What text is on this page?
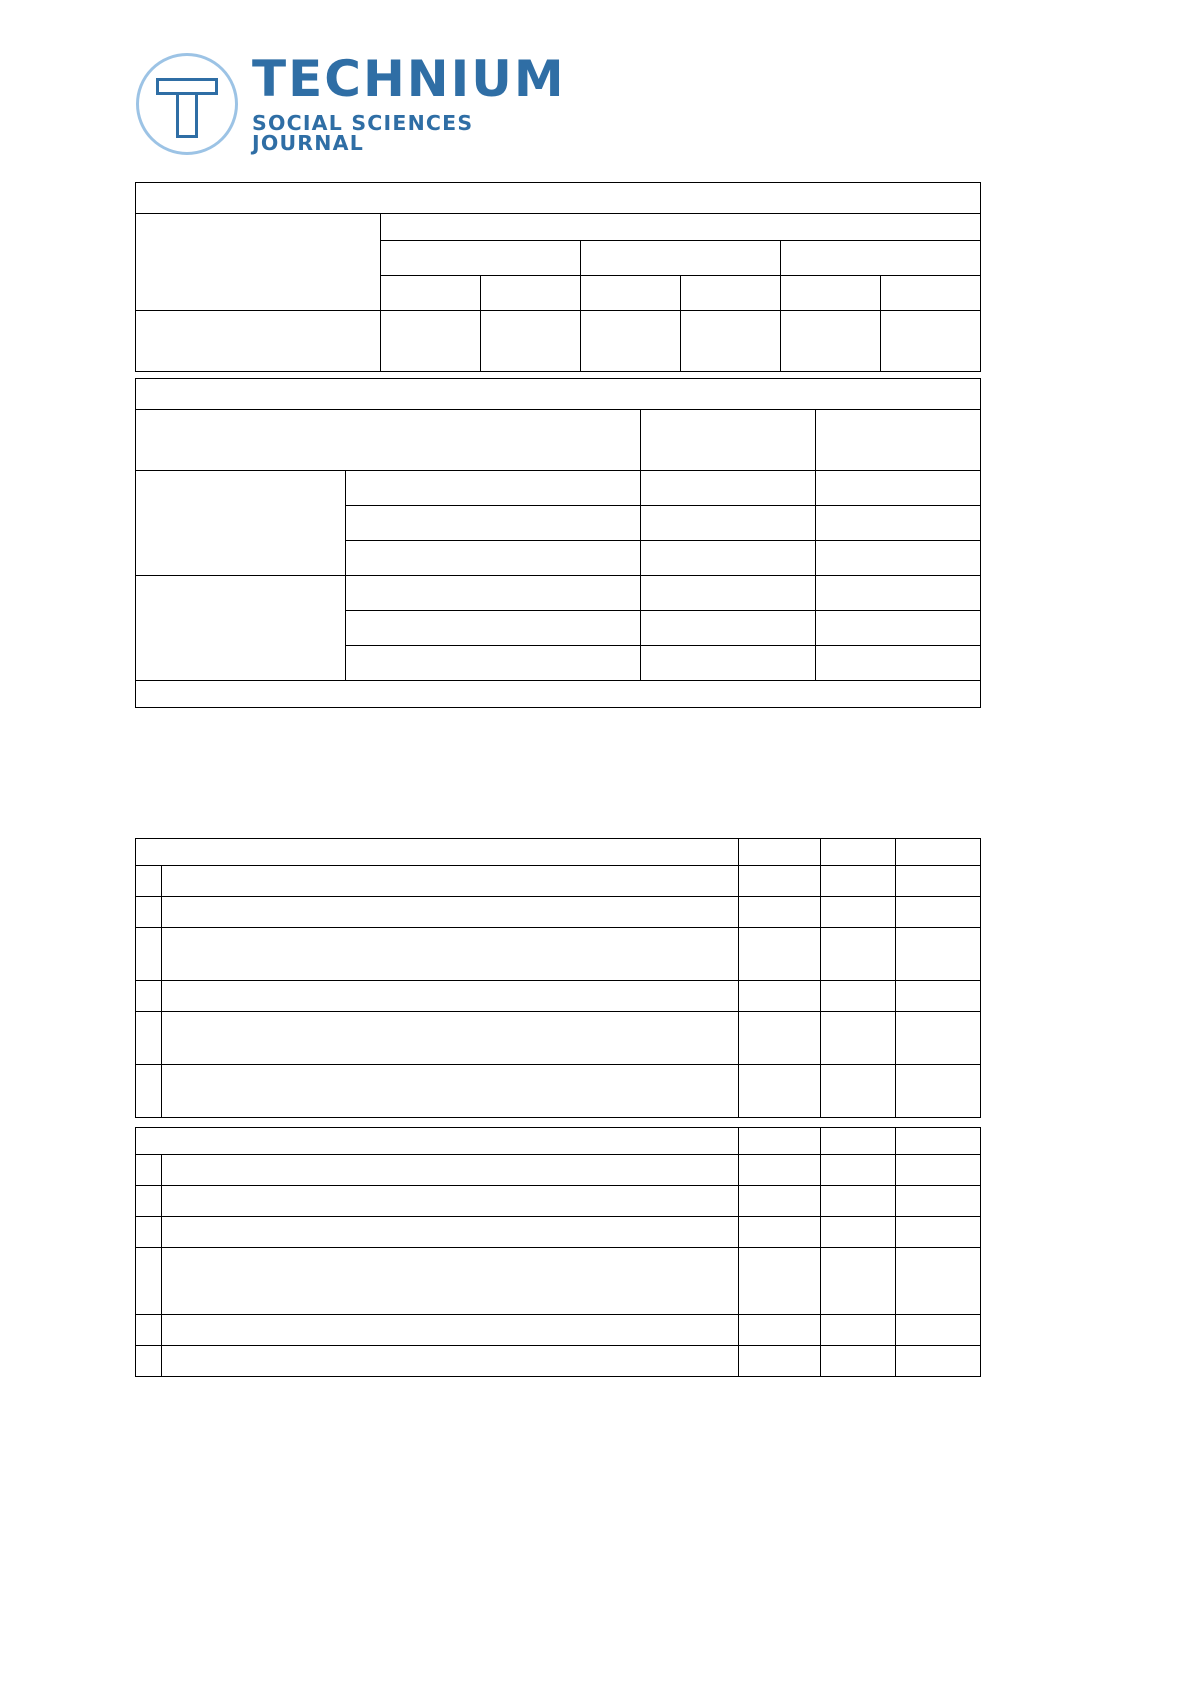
TECHNIUM
SOCIAL SCIENCES JOURNAL
